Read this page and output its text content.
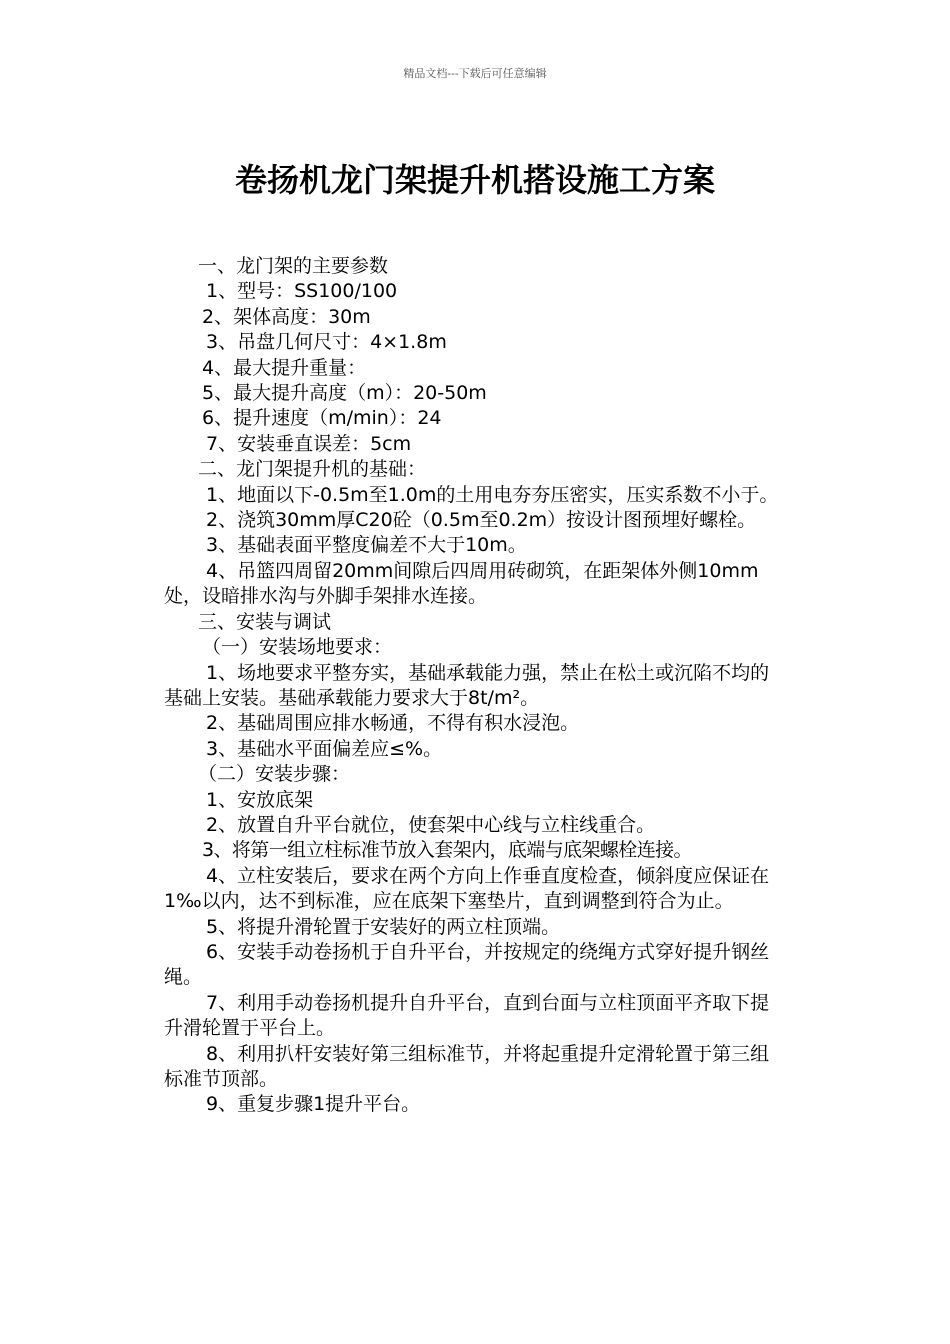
精品文档---下载后可任意编辑
卷扬机龙门架提升机搭设施工方案

一、龙门架的主要参数

1、型号：SS100/100

2、架体高度：30m

3、吊盘几何尺寸：4×1.8m

4、最大提升重量：

5、最大提升高度（m）：20-50m

6、提升速度（m/min）：24

7、安装垂直误差：5cm

二、龙门架提升机的基础：

1、地面以下-0.5m至1.0m的土用电夯夯压密实，压实系数不小于。

2、浇筑30mm厚C20砼（0.5m至0.2m）按设计图预埋好螺栓。

3、基础表面平整度偏差不大于10m。

4、吊篮四周留20mm间隙后四周用砖砌筑，在距架体外侧10mm处，设暗排水沟与外脚手架排水连接。

三、安装与调试

（一）安装场地要求：

1、场地要求平整夯实，基础承载能力强，禁止在松土或沉陷不均的基础上安装。基础承载能力要求大于8t/m²。

2、基础周围应排水畅通，不得有积水浸泡。

3、基础水平面偏差应≤%。

（二）安装步骤：

1、安放底架

2、放置自升平台就位，使套架中心线与立柱线重合。

3、将第一组立柱标准节放入套架内，底端与底架螺栓连接。

4、立柱安装后，要求在两个方向上作垂直度检查，倾斜度应保证在1‰以内，达不到标准，应在底架下塞垫片，直到调整到符合为止。

5、将提升滑轮置于安装好的两立柱顶端。

6、安装手动卷扬机于自升平台，并按规定的绕绳方式穿好提升钢丝绳。

7、利用手动卷扬机提升自升平台，直到台面与立柱顶面平齐取下提升滑轮置于平台上。

8、利用扒杆安装好第三组标准节，并将起重提升定滑轮置于第三组标准节顶部。

9、重复步骤1提升平台。
